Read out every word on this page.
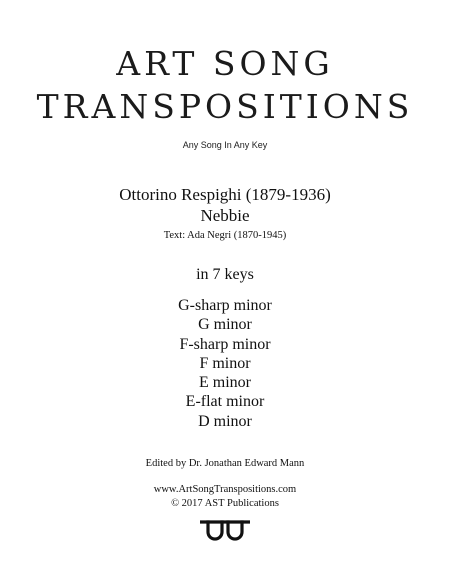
ART SONG
TRANSPOSITIONS
Any Song In Any Key
Ottorino Respighi (1879-1936)
Nebbie
Text: Ada Negri (1870-1945)
in 7 keys
G-sharp minor
G minor
F-sharp minor
F minor
E minor
E-flat minor
D minor
Edited by Dr. Jonathan Edward Mann
www.ArtSongTranspositions.com
© 2017 AST Publications
